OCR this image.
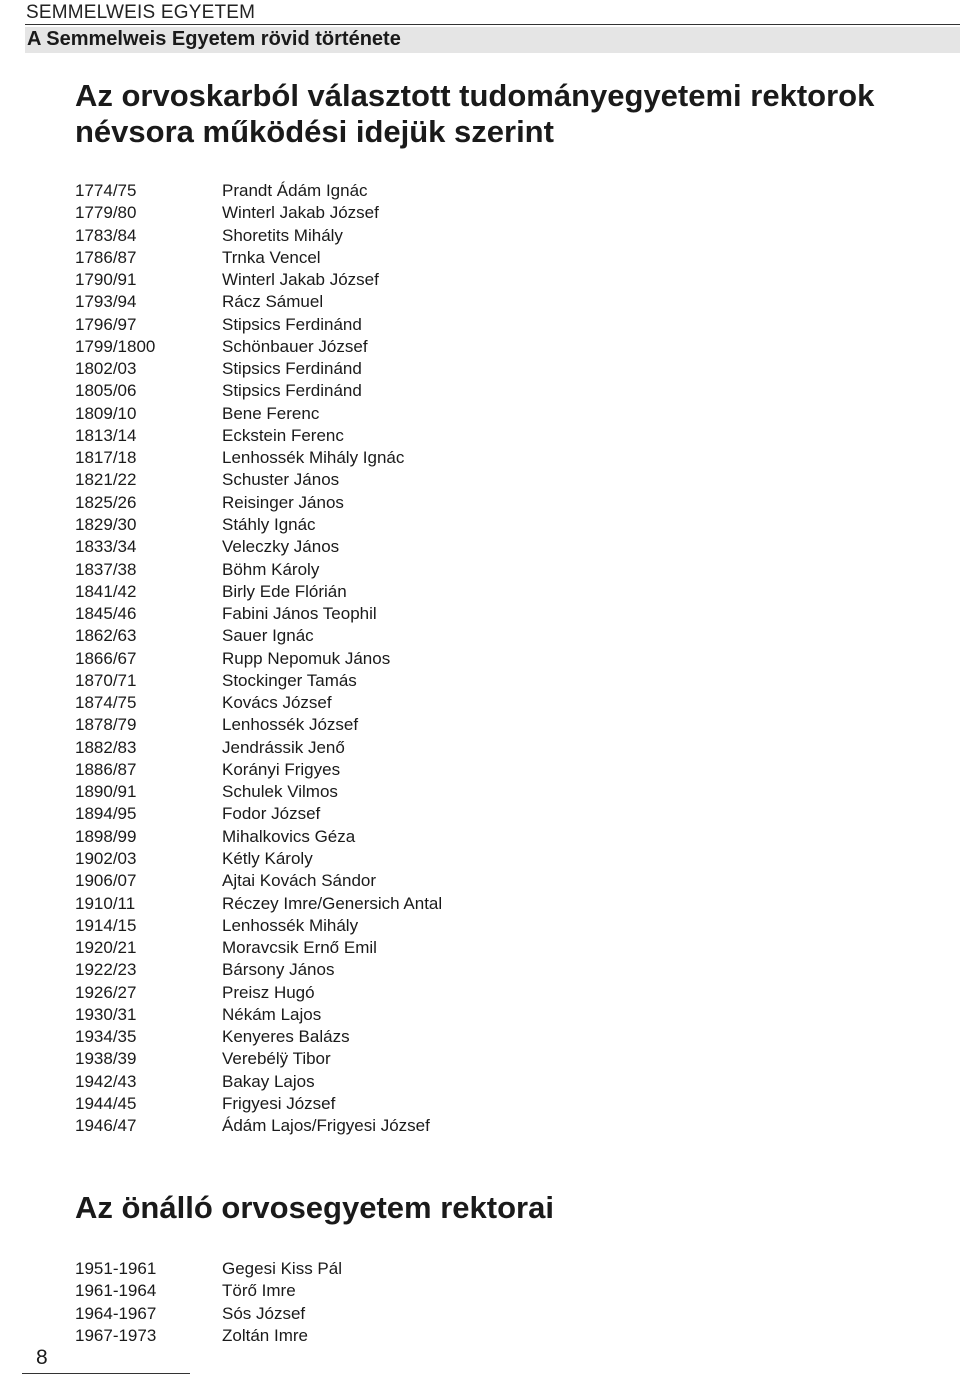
SEMMELWEIS EGYETEM
A Semmelweis Egyetem rövid története
Az orvoskarból választott tudományegyetemi rektorok névsora működési idejük szerint
1774/75	Prandt Ádám Ignác
1779/80	Winterl Jakab József
1783/84	Shoretits Mihály
1786/87	Trnka Vencel
1790/91	Winterl Jakab József
1793/94	Rácz Sámuel
1796/97	Stipsics Ferdinánd
1799/1800	Schönbauer József
1802/03	Stipsics Ferdinánd
1805/06	Stipsics Ferdinánd
1809/10	Bene Ferenc
1813/14	Eckstein Ferenc
1817/18	Lenhossék Mihály Ignác
1821/22	Schuster János
1825/26	Reisinger János
1829/30	Stáhly Ignác
1833/34	Veleczky János
1837/38	Böhm Károly
1841/42	Birly Ede Flórián
1845/46	Fabini János Teophil
1862/63	Sauer Ignác
1866/67	Rupp Nepomuk János
1870/71	Stockinger Tamás
1874/75	Kovács József
1878/79	Lenhossék József
1882/83	Jendrássik Jenő
1886/87	Korányi Frigyes
1890/91	Schulek Vilmos
1894/95	Fodor József
1898/99	Mihalkovics Géza
1902/03	Kétly Károly
1906/07	Ajtai Kovách Sándor
1910/11	Réczey Imre/Genersich Antal
1914/15	Lenhossék Mihály
1920/21	Moravcsik Ernő Emil
1922/23	Bársony János
1926/27	Preisz Hugó
1930/31	Nékám Lajos
1934/35	Kenyeres Balázs
1938/39	Verebélÿ Tibor
1942/43	Bakay Lajos
1944/45	Frigyesi József
1946/47	Ádám Lajos/Frigyesi József
Az önálló orvosegyetem rektorai
1951-1961	Gegesi Kiss Pál
1961-1964	Törő Imre
1964-1967	Sós József
1967-1973	Zoltán Imre
8
